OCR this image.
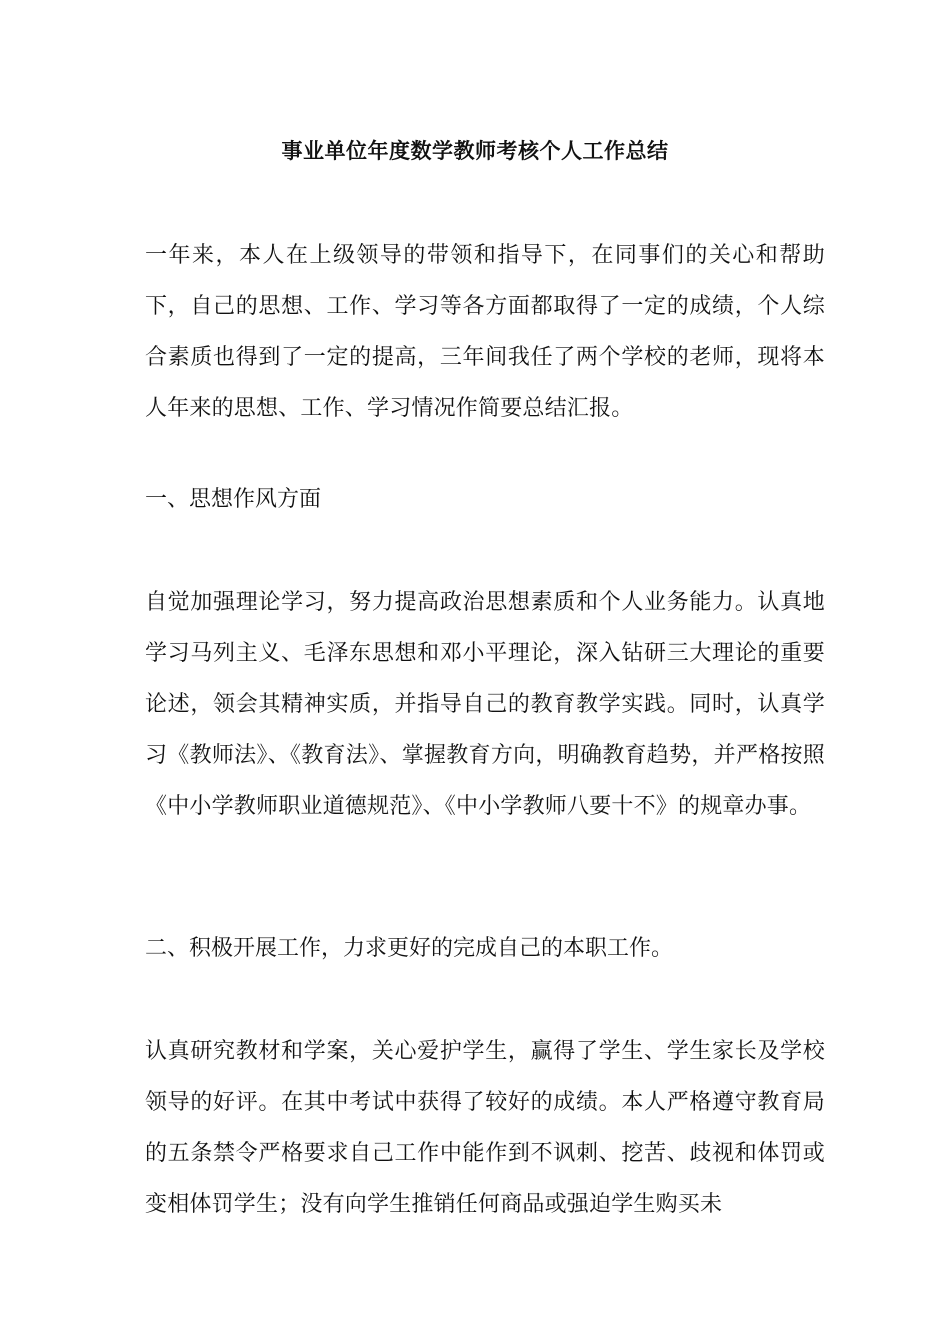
事业单位年度数学教师考核个人工作总结
一年来，本人在上级领导的带领和指导下，在同事们的关心和帮助下，自己的思想、工作、学习等各方面都取得了一定的成绩，个人综合素质也得到了一定的提高，三年间我任了两个学校的老师，现将本人年来的思想、工作、学习情况作简要总结汇报。
一、思想作风方面
自觉加强理论学习，努力提高政治思想素质和个人业务能力。认真地学习马列主义、毛泽东思想和邓小平理论，深入钻研三大理论的重要论述，领会其精神实质，并指导自己的教育教学实践。同时，认真学习《教师法》、《教育法》、掌握教育方向，明确教育趋势，并严格按照《中小学教师职业道德规范》、《中小学教师八要十不》的规章办事。
二、积极开展工作，力求更好的完成自己的本职工作。
认真研究教材和学案，关心爱护学生，赢得了学生、学生家长及学校领导的好评。在其中考试中获得了较好的成绩。本人严格遵守教育局的五条禁令严格要求自己工作中能作到不讽刺、挖苦、歧视和体罚或变相体罚学生；没有向学生推销任何商品或强迫学生购买未
